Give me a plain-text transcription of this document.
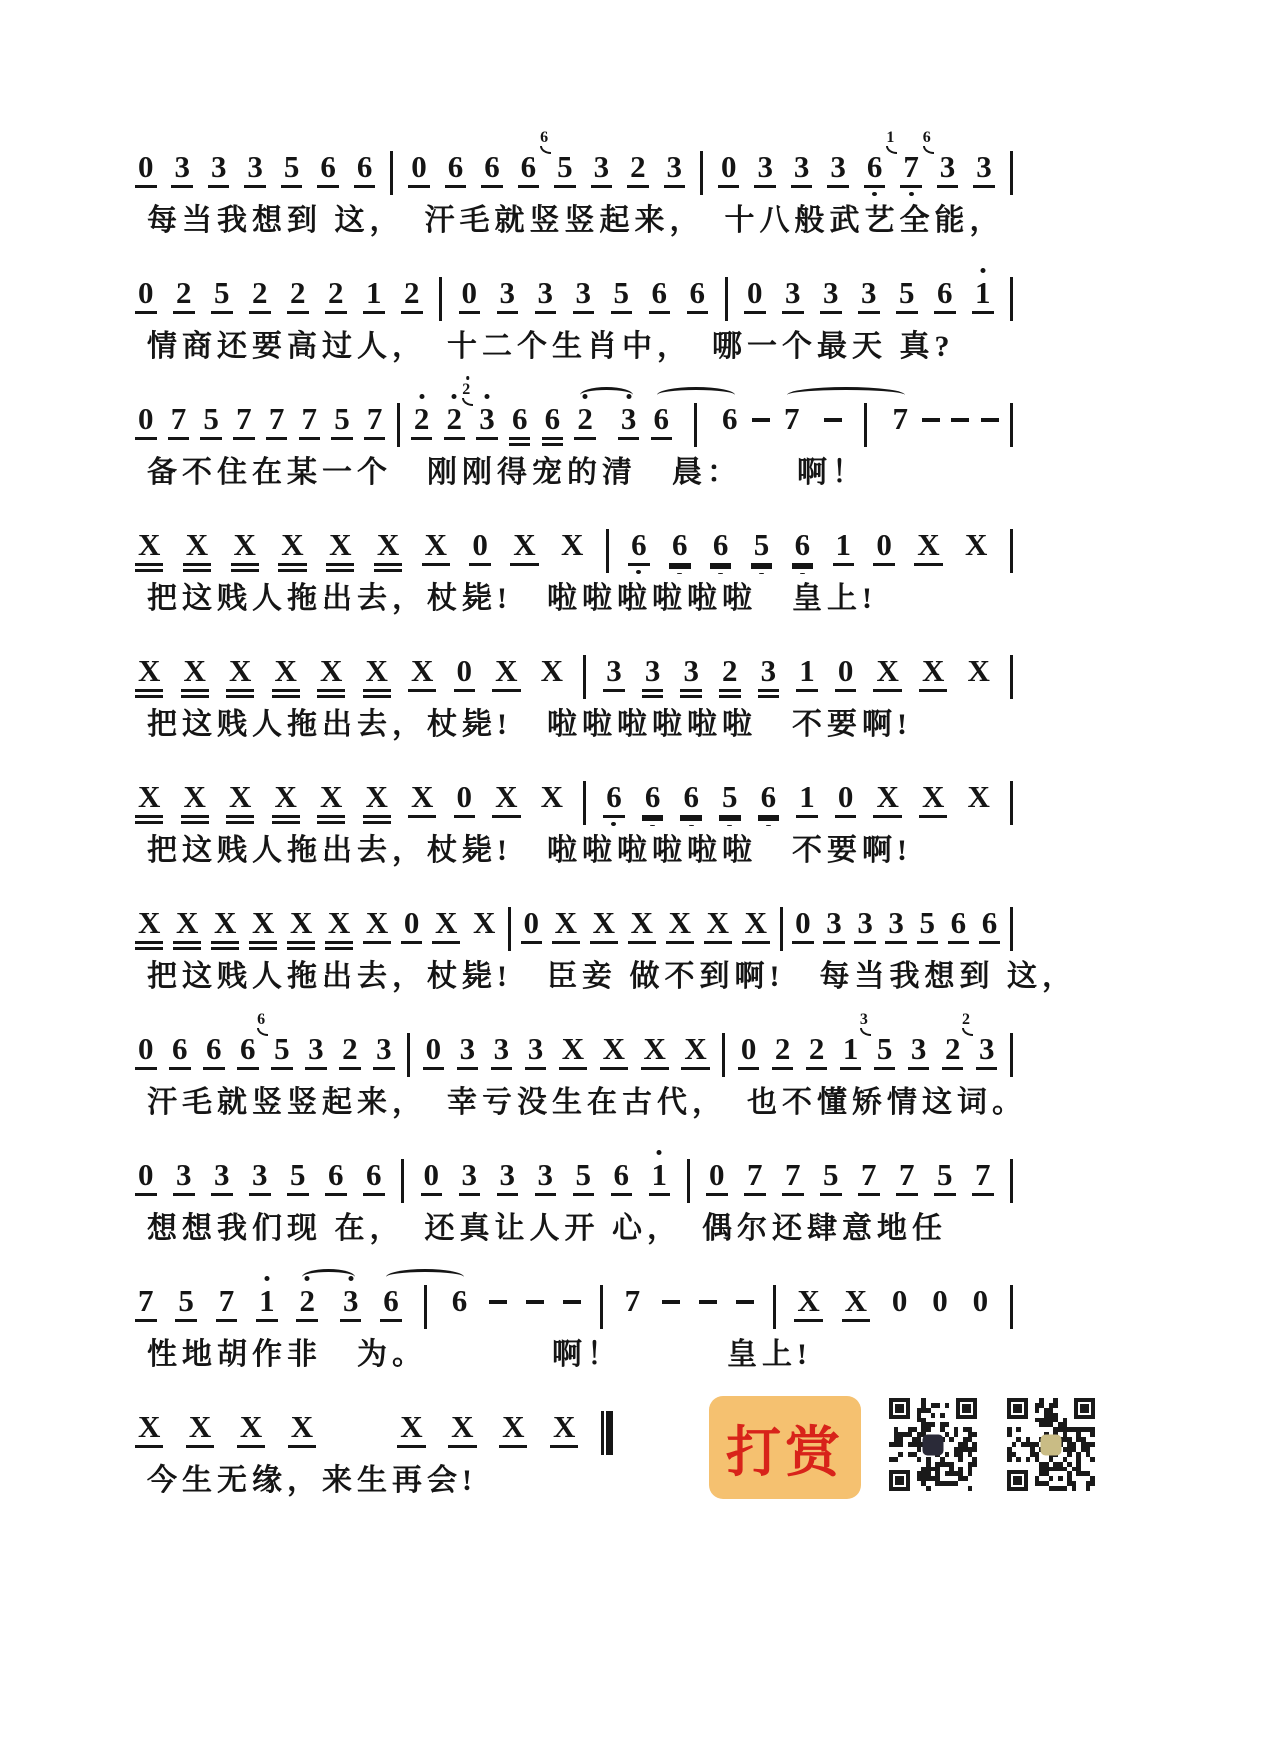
0 3 3 3 5 6 6 0 6 6 6 5
6
3 2 3 0 3 3 3 6 7
1
3
6
3
每当我想到 这，　汗毛就竖竖起来，　十八般武艺全能，
0 2 5 2 2 2 1 2 0 3 3 3 5 6 6 0 3 3 3 5 6 1
情商还要高过人，　十二个生肖中，　哪一个最天 真?
0 7 5 7 7 7 5 7 2 2 3
2
6 6 2 3 6 6 7	7
备不住在某一个　刚刚得宠的清　晨：　　啊！
X X X X X X X 0 X X 6 6 6 5 6 1 0 X X
把这贱人拖出去，杖毙!　啦啦啦啦啦啦　皇上!
X X X X X X X 0 X X 3 3 3 2 3 1 0 X X X
把这贱人拖出去，杖毙!　啦啦啦啦啦啦　不要啊!
X X X X X X X 0 X X 6 6 6 5 6 1 0 X X X
把这贱人拖出去，杖毙!　啦啦啦啦啦啦　不要啊!
X X X X X X X 0 X X 0 X X X X X X 0 3 3 3 5 6 6
把这贱人拖出去，杖毙!　臣妾 做不到啊!　每当我想到 这，
0 6 6 6 5
6
3 2 3 0 3 3 3 X X X X 0 2 2 1 5
3
3 2 3
2
汗毛就竖竖起来，　幸亏没生在古代，　也不懂矫情这词。
0 3 3 3 5 6 6 0 3 3 3 5 6 1 0 7 7 5 7 7 5 7
想想我们现 在，　还真让人开 心，　偶尔还肆意地任
7 5 7 1 2 3 6 6	7	X X 0 0 0
性地胡作非　为。　　　　啊！　　　皇上!
X X X X	X X X X
今生无缘，来生再会!	打赏
